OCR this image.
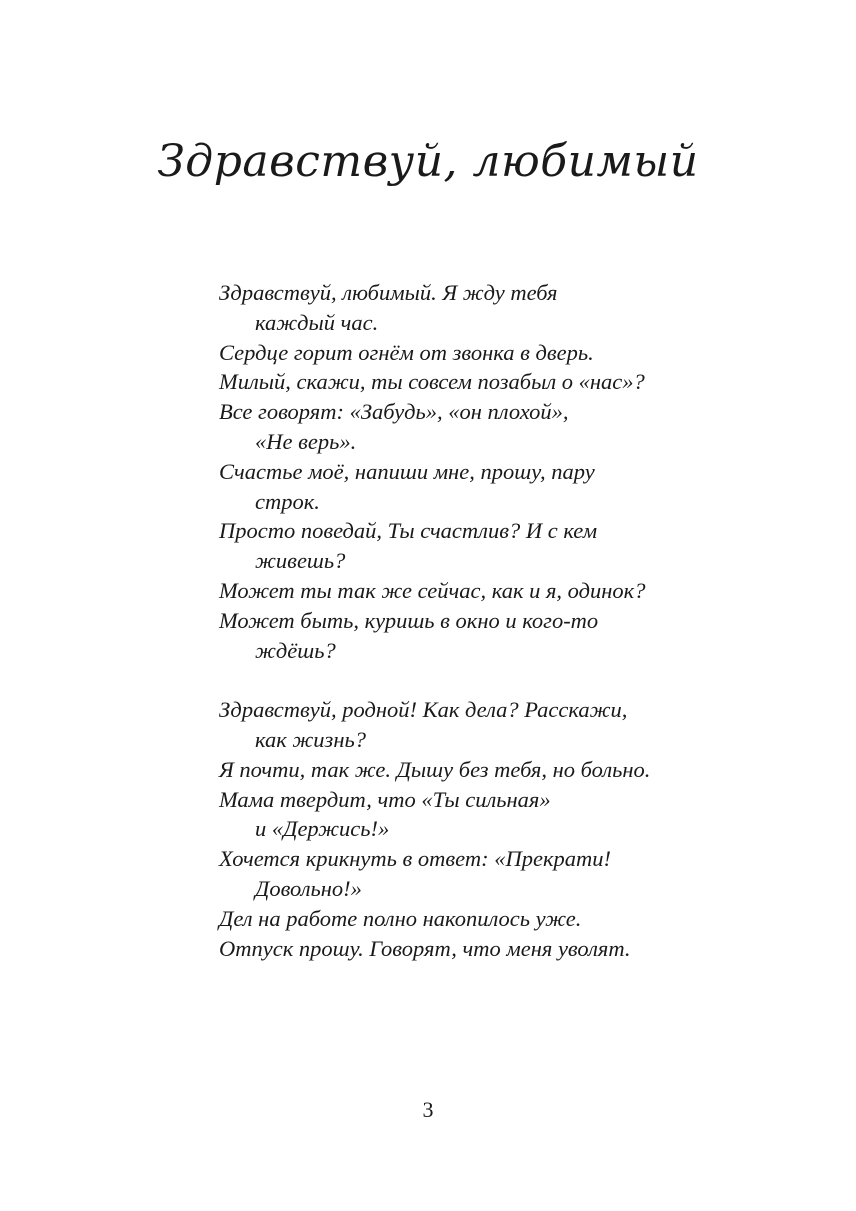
Здравствуй, любимый
Здравствуй, любимый. Я жду тебя
каждый час.
Сердце горит огнём от звонка в дверь.
Милый, скажи, ты совсем позабыл о «нас»?
Все говорят: «Забудь», «он плохой»,
«Не верь».
Счастье моё, напиши мне, прошу, пару
строк.
Просто поведай, Ты счастлив? И с кем
живешь?
Может ты так же сейчас, как и я, одинок?
Может быть, куришь в окно и кого-то
ждёшь?
Здравствуй, родной! Как дела? Расскажи,
как жизнь?
Я почти, так же. Дышу без тебя, но больно.
Мама твердит, что «Ты сильная»
и «Держись!»
Хочется крикнуть в ответ: «Прекрати!
Довольно!»
Дел на работе полно накопилось уже.
Отпуск прошу. Говорят, что меня уволят.
3
